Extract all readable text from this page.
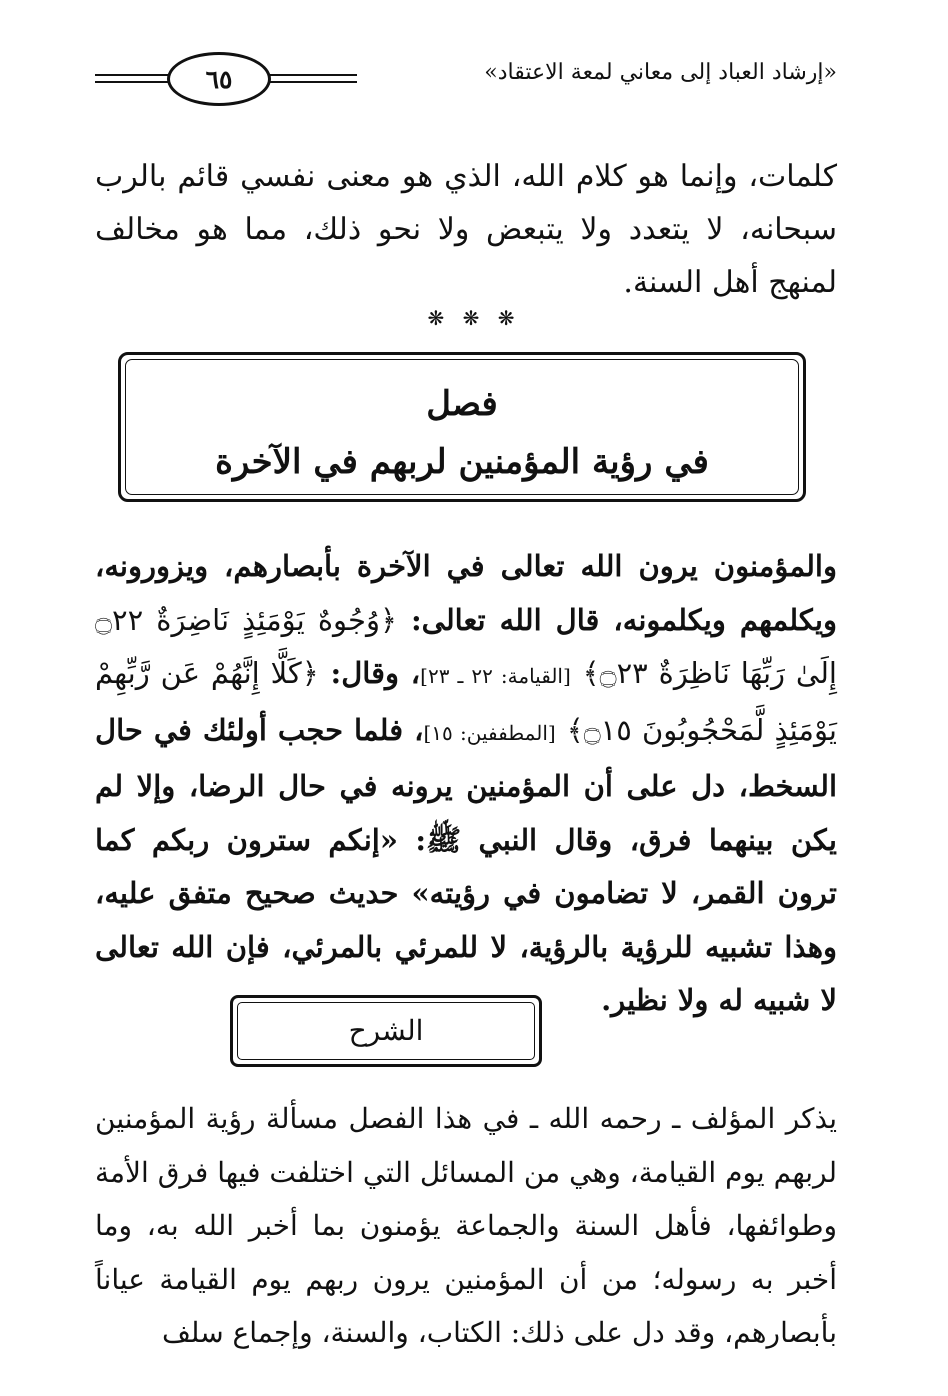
٦٥	«إرشاد العباد إلى معاني لمعة الاعتقاد»
كلمات، وإنما هو كلام الله، الذي هو معنى نفسي قائم بالرب سبحانه، لا يتعدد ولا يتبعض ولا نحو ذلك، مما هو مخالف لمنهج أهل السنة.
❋ ❋ ❋
فصل
في رؤية المؤمنين لربهم في الآخرة
والمؤمنون يرون الله تعالى في الآخرة بأبصارهم، ويزورونه، ويكلمهم ويكلمونه، قال الله تعالى: ﴿وُجُوهٌ يَوْمَئِذٍ نَاضِرَةٌ ۝٢٢ إِلَىٰ رَبِّهَا نَاظِرَةٌ ۝٢٣﴾ [القيامة: ٢٢ ـ ٢٣]، وقال: ﴿كَلَّا إِنَّهُمْ عَن رَّبِّهِمْ يَوْمَئِذٍ لَّمَحْجُوبُونَ ۝١٥﴾ [المطففين: ١٥]، فلما حجب أولئك في حال السخط، دل على أن المؤمنين يرونه في حال الرضا، وإلا لم يكن بينهما فرق، وقال النبي ﷺ: «إنكم سترون ربكم كما ترون القمر، لا تضامون في رؤيته» حديث صحيح متفق عليه، وهذا تشبيه للرؤية بالرؤية، لا للمرئي بالمرئي، فإن الله تعالى لا شبيه له ولا نظير.
الشرح
يذكر المؤلف ـ رحمه الله ـ في هذا الفصل مسألة رؤية المؤمنين لربهم يوم القيامة، وهي من المسائل التي اختلفت فيها فرق الأمة وطوائفها، فأهل السنة والجماعة يؤمنون بما أخبر الله به، وما أخبر به رسوله؛ من أن المؤمنين يرون ربهم يوم القيامة عياناً بأبصارهم، وقد دل على ذلك: الكتاب، والسنة، وإجماع سلف
